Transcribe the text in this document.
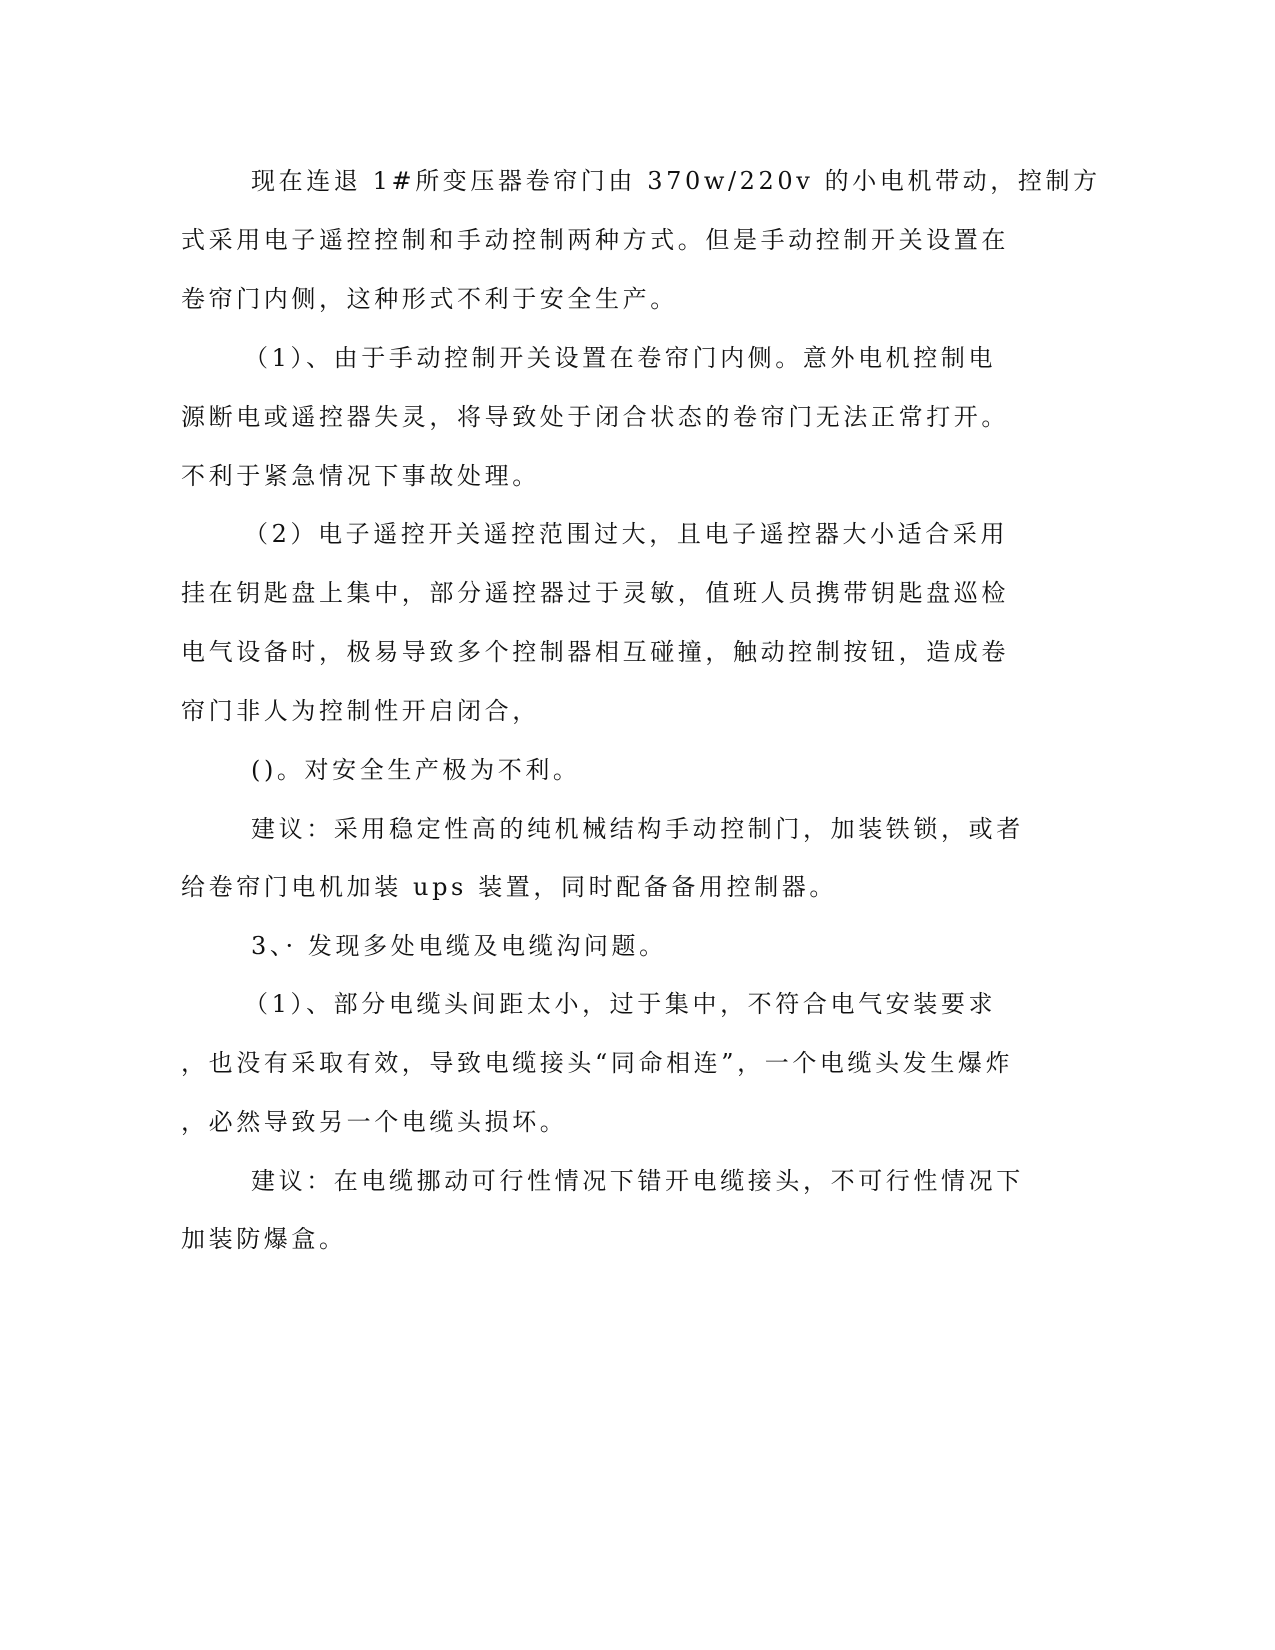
现在连退 1#所变压器卷帘门由 370w/220v 的小电机带动，控制方
式采用电子遥控控制和手动控制两种方式。但是手动控制开关设置在
卷帘门内侧，这种形式不利于安全生产。
（1）、由于手动控制开关设置在卷帘门内侧。意外电机控制电
源断电或遥控器失灵，将导致处于闭合状态的卷帘门无法正常打开。
不利于紧急情况下事故处理。
（2）电子遥控开关遥控范围过大，且电子遥控器大小适合采用
挂在钥匙盘上集中，部分遥控器过于灵敏，值班人员携带钥匙盘巡检
电气设备时，极易导致多个控制器相互碰撞，触动控制按钮，造成卷
帘门非人为控制性开启闭合，
()。对安全生产极为不利。
建议：采用稳定性高的纯机械结构手动控制门，加装铁锁，或者
给卷帘门电机加装 ups 装置，同时配备备用控制器。
3、· 发现多处电缆及电缆沟问题。
（1）、部分电缆头间距太小，过于集中，不符合电气安装要求
，也没有采取有效，导致电缆接头“同命相连”，一个电缆头发生爆炸
，必然导致另一个电缆头损坏。
建议：在电缆挪动可行性情况下错开电缆接头，不可行性情况下
加装防爆盒。
